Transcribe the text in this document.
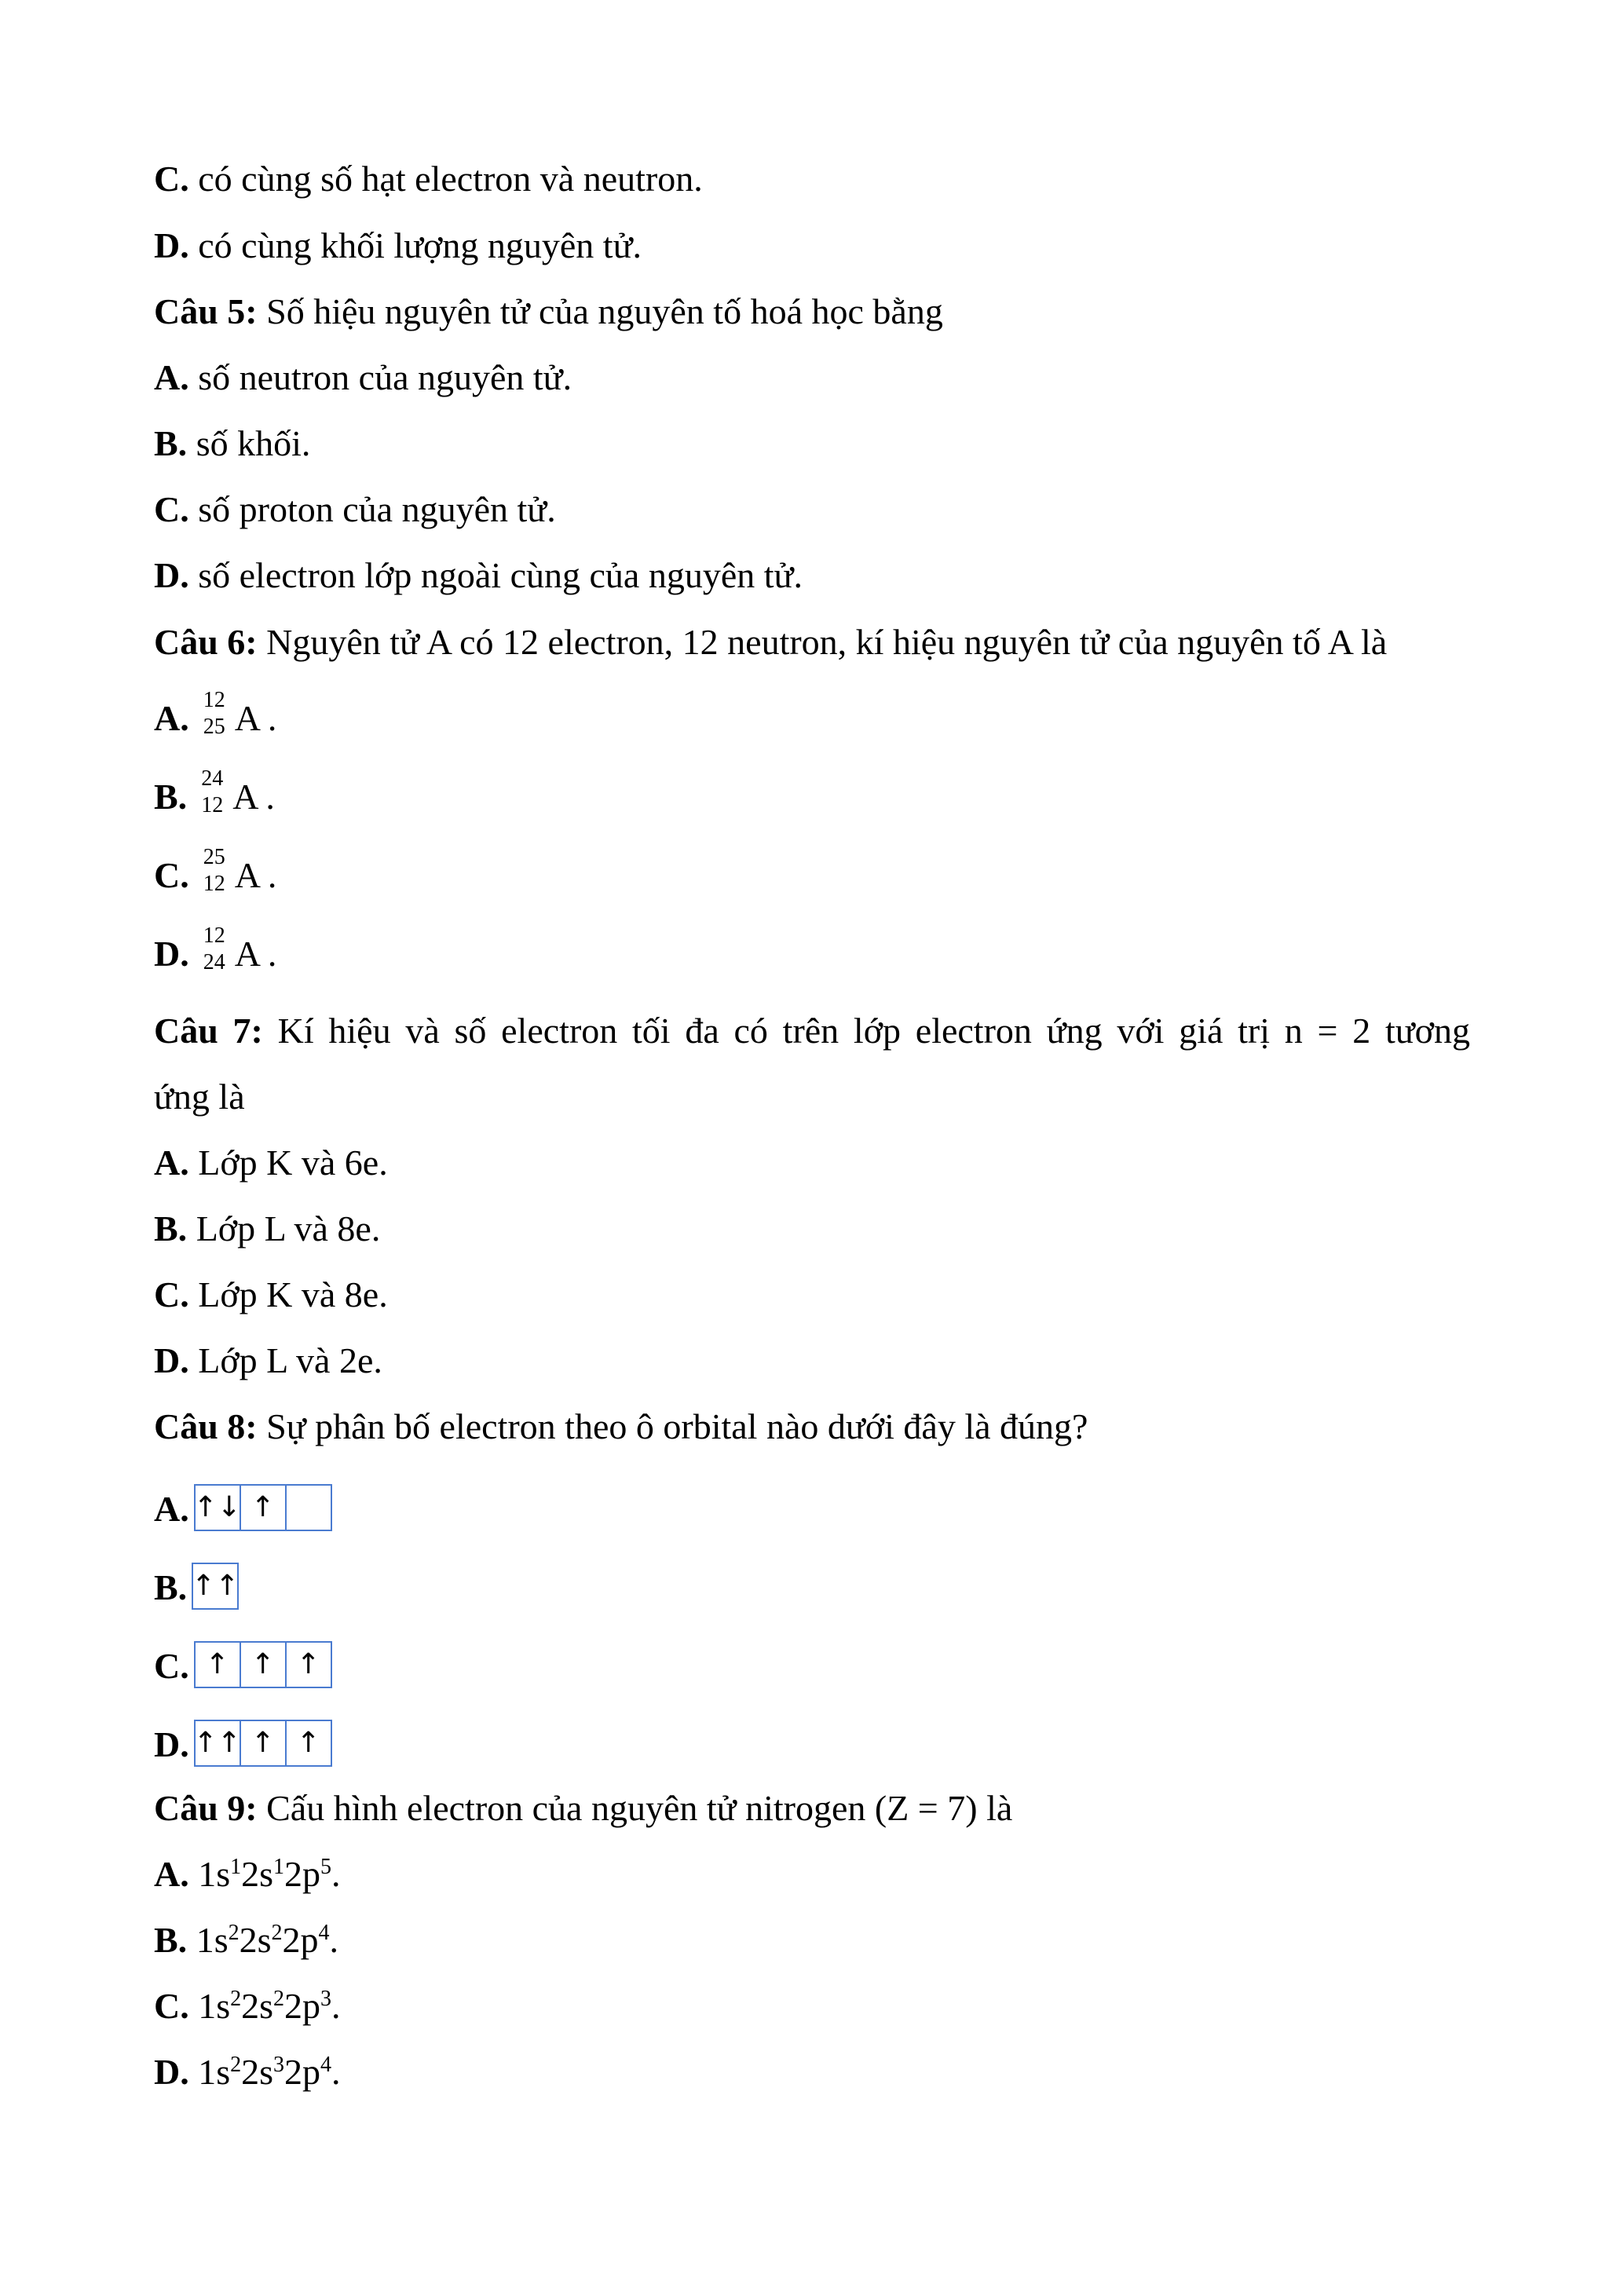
C. có cùng số hạt electron và neutron.
D. có cùng khối lượng nguyên tử.
Câu 5: Số hiệu nguyên tử của nguyên tố hoá học bằng
A. số neutron của nguyên tử.
B. số khối.
C. số proton của nguyên tử.
D. số electron lớp ngoài cùng của nguyên tử.
Câu 6: Nguyên tử A có 12 electron, 12 neutron, kí hiệu nguyên tử của nguyên tố A là
A. 12
25 A .
B. 24
12 A .
C. 25
12 A .
D. 12
24 A .
Câu 7: Kí hiệu và số electron tối đa có trên lớp electron ứng với giá trị n = 2 tương
ứng là
A. Lớp K và 6e.
B. Lớp L và 8e.
C. Lớp K và 8e.
D. Lớp L và 2e.
Câu 8: Sự phân bố electron theo ô orbital nào dưới đây là đúng?
A. ↑↓ ↑
B. ↑↑
C. ↑ ↑ ↑
D. ↑↑ ↑ ↑
Câu 9: Cấu hình electron của nguyên tử nitrogen (Z = 7) là
A. $1s^12s^12p^5$.
B. $1s^22s^22p^4$.
C. $1s^22s^22p^3$.
D. $1s^22s^32p^4$.
